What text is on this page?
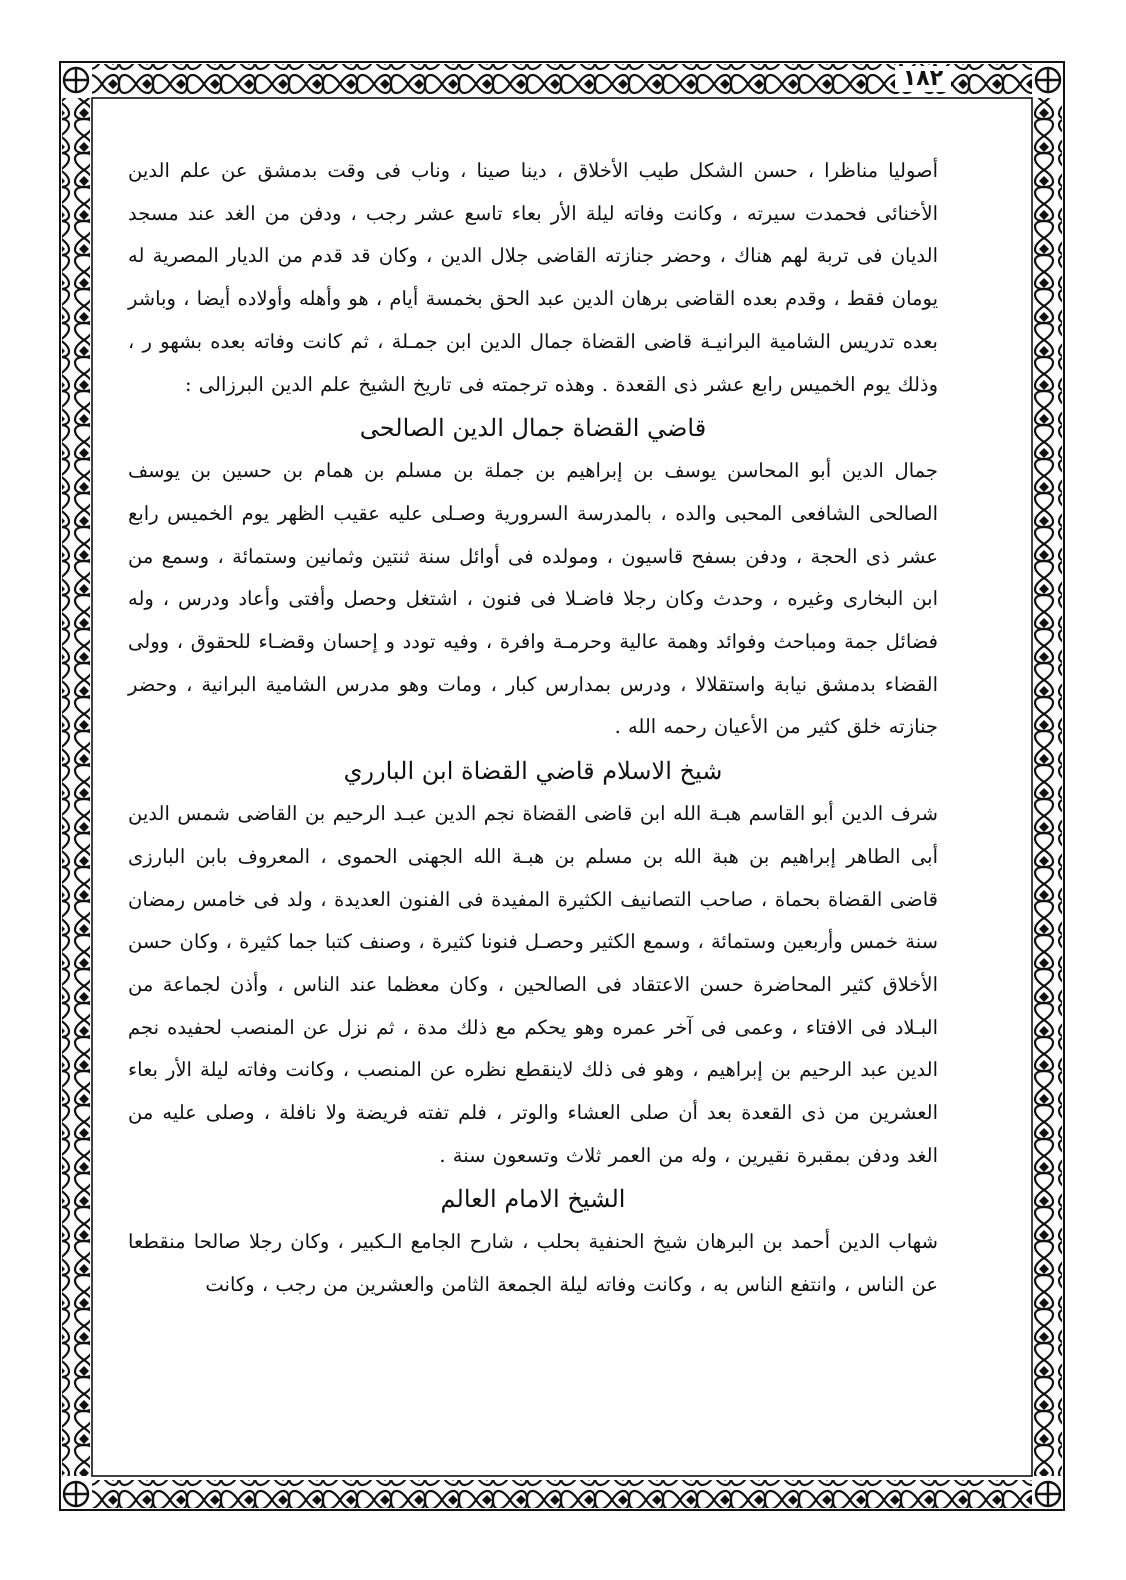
١٨٢

أصوليا مناظرا ، حسن الشكل طيب الأخلاق ، دينا صينا ، وناب فى وقت بدمشق عن علم الدين الأخنائى فحمدت سيرته ، وكانت وفاته ليلة الأر بعاء تاسع عشر رجب ، ودفن من الغد عند مسجد الديان فى تربة لهم هناك ، وحضر جنازته القاضى جلال الدين ، وكان قد قدم من الديار المصرية له يومان فقط ، وقدم بعده القاضى برهان الدين عبد الحق بخمسة أيام ، هو وأهله وأولاده أيضا ، وباشر بعده تدريس الشامية البرانيـة قاضى القضاة جمال الدين ابن جمـلة ، ثم كانت وفاته بعده بشهو ر ، وذلك يوم الخميس رابع عشر ذى القعدة . وهذه ترجمته فى تاريخ الشيخ علم الدين البرزالى :

قاضي القضاة جمال الدين الصالحى

جمال الدين أبو المحاسن يوسف بن إبراهيم بن جملة بن مسلم بن همام بن حسين بن يوسف الصالحى الشافعى المحبى والده ، بالمدرسة السرورية وصـلى عليه عقيب الظهر يوم الخميس رابع عشر ذى الحجة ، ودفن بسفح قاسيون ، ومولده فى أوائل سنة ثنتين وثمانين وستمائة ، وسمع من ابن البخارى وغيره ، وحدث وكان رجلا فاضـلا فى فنون ، اشتغل وحصل وأفتى وأعاد ودرس ، وله فضائل جمة ومباحث وفوائد وهمة عالية وحرمـة وافرة ، وفيه تودد و إحسان وقضـاء للحقوق ، وولى القضاء بدمشق نيابة واستقلالا ، ودرس بمدارس كبار ، ومات وهو مدرس الشامية البرانية ، وحضر جنازته خلق كثير من الأعيان رحمه الله .

شيخ الاسلام قاضي القضاة ابن البارري

شرف الدين أبو القاسم هبـة الله ابن قاضى القضاة نجم الدين عبـد الرحيم بن القاضى شمس الدين أبى الطاهر إبراهيم بن هبة الله بن مسلم بن هبـة الله الجهنى الحموى ، المعروف بابن البارزى قاضى القضاة بحماة ، صاحب التصانيف الكثيرة المفيدة فى الفنون العديدة ، ولد فى خامس رمضان سنة خمس وأربعين وستمائة ، وسمع الكثير وحصـل فنونا كثيرة ، وصنف كتبا جما كثيرة ، وكان حسن الأخلاق كثير المحاضرة حسن الاعتقاد فى الصالحين ، وكان معظما عند الناس ، وأذن لجماعة من البـلاد فى الافتاء ، وعمى فى آخر عمره وهو يحكم مع ذلك مدة ، ثم نزل عن المنصب لحفيده نجم الدين عبد الرحيم بن إبراهيم ، وهو فى ذلك لاينقطع نظره عن المنصب ، وكانت وفاته ليلة الأر بعاء العشرين من ذى القعدة بعد أن صلى العشاء والوتر ، فلم تفته فريضة ولا نافلة ، وصلى عليه من الغد ودفن بمقبرة نقيرين ، وله من العمر ثلاث وتسعون سنة .

الشيخ الامام العالم

شهاب الدين أحمد بن البرهان شيخ الحنفية بحلب ، شارح الجامع الـكبير ، وكان رجلا صالحا منقطعا عن الناس ، وانتفع الناس به ، وكانت وفاته ليلة الجمعة الثامن والعشرين من رجب ، وكانت
